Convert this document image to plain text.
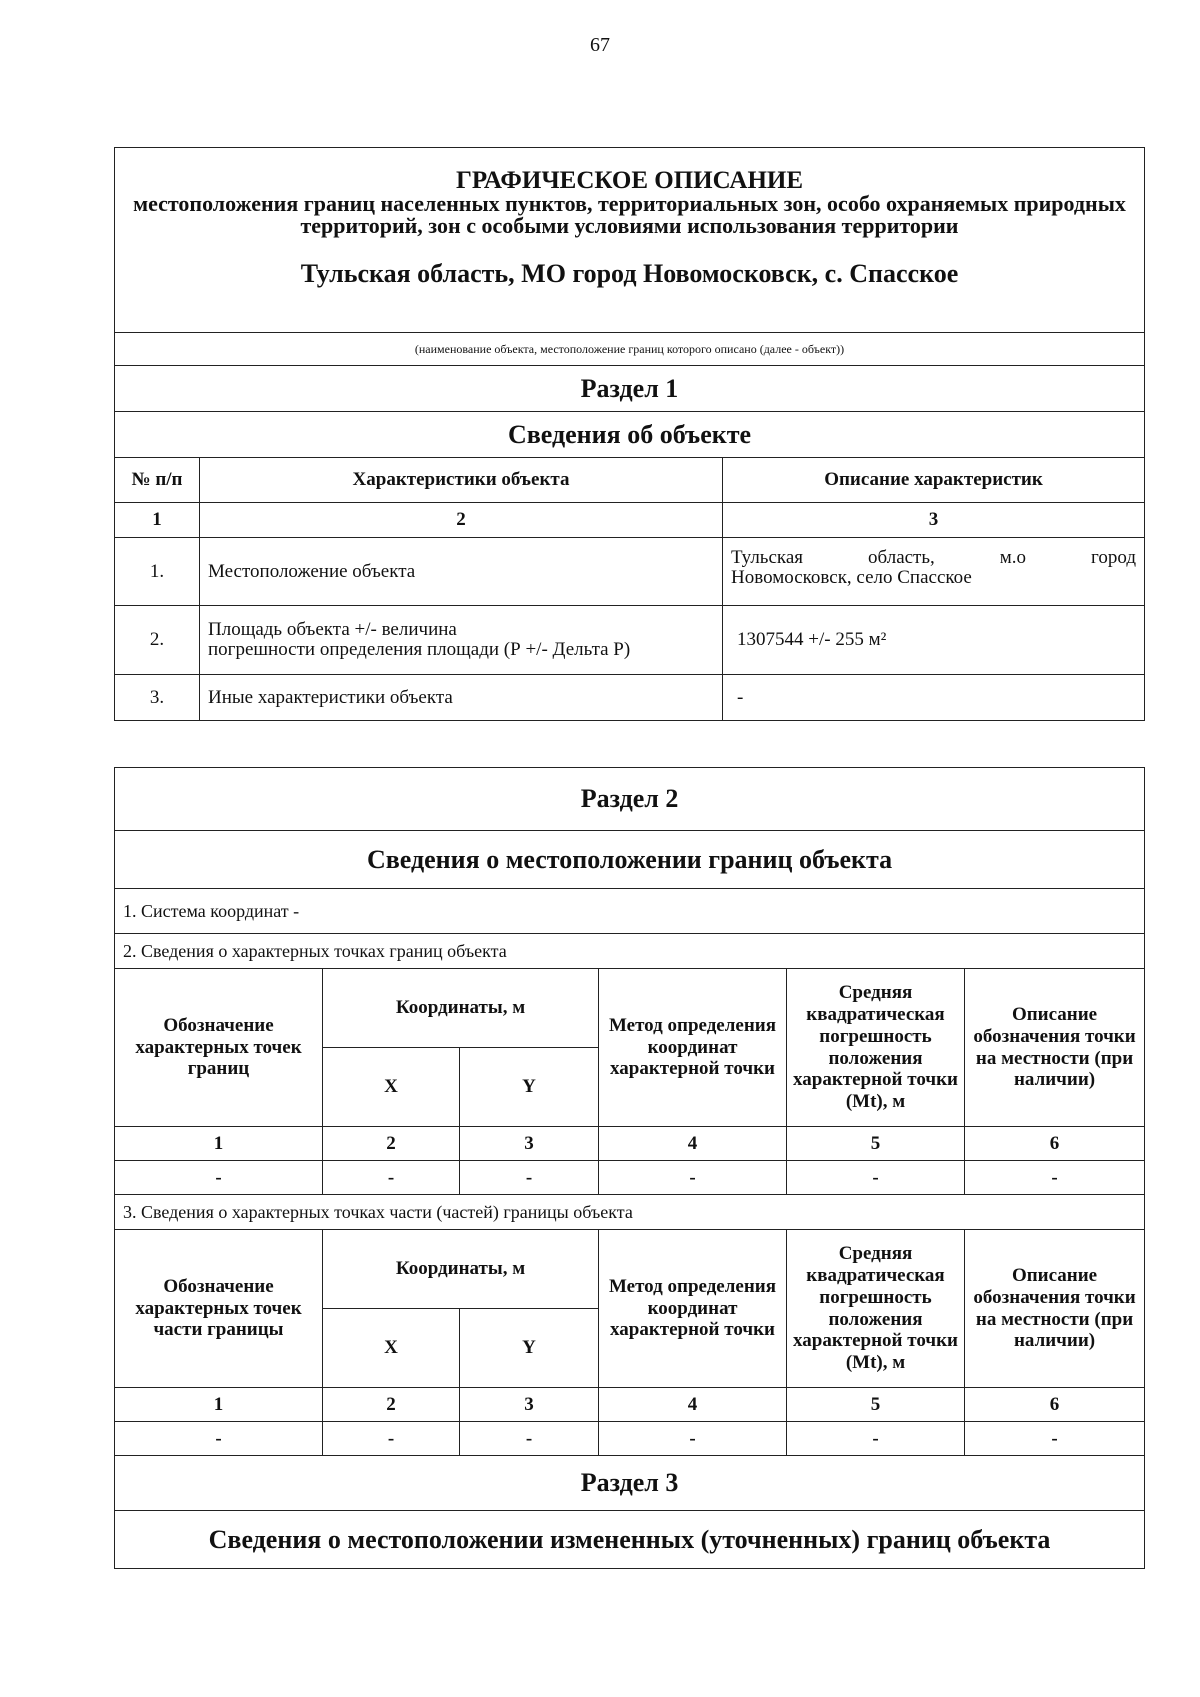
67
ГРАФИЧЕСКОЕ ОПИСАНИЕ
местоположения границ населенных пунктов, территориальных зон, особо охраняемых природных территорий, зон с особыми условиями использования территории
Тульская область, МО город Новомосковск, с. Спасское		

(наименование объекта, местоположение границ которого описано (далее - объект))		
Раздел 1		
Сведения об объекте		
№ п/п	Характеристики объекта	Описание характеристик
1	2	3
1.	Местоположение объекта	Тульская область, м.о город
Новомосковск, село Спасское

2.	Площадь объекта +/- величина
погрешности определения площади (Р +/- Дельта Р)	1307544 +/- 255 м²
3.	Иные характеристики объекта	-
Раздел 2					
Сведения о местоположении границ объекта					
1. Система координат -					
2. Сведения о характерных точках границ объекта					
Обозначение характерных точек границ	Координаты, м		Метод определения координат характерной точки	Средняя квадратическая погрешность положения характерной точки (Mt), м	Описание обозначения точки на местности (при наличии)
	X	Y			
1	2	3	4	5	6
-	-	-	-	-	-
3. Сведения о характерных точках части (частей) границы объекта					
Обозначение характерных точек части границы	Координаты, м		Метод определения координат характерной точки	Средняя квадратическая погрешность положения характерной точки (Mt), м	Описание обозначения точки на местности (при наличии)
	X	Y			
1	2	3	4	5	6
-	-	-	-	-	-
Раздел 3					
Сведения о местоположении измененных (уточненных) границ объекта					
